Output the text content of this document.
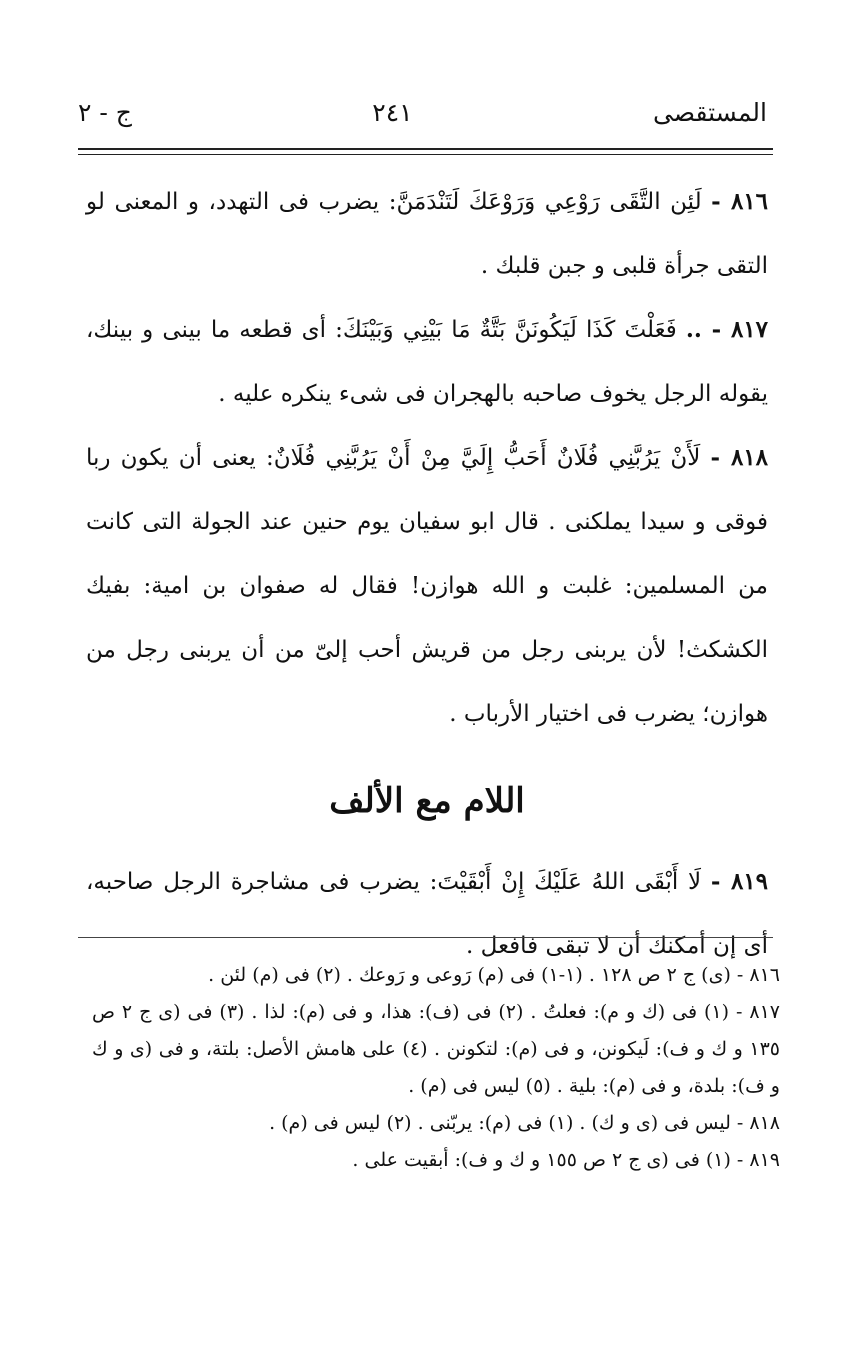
المستقصى
٢٤١
ج - ٢

٨١٦ - لَئِن التَّقَى رَوْعِي وَرَوْعَكَ لَتَنْدَمَنَّ: يضرب فى التهدد، و المعنى لو التقى جرأة قلبى و جبن قلبك .

٨١٧ - .. فَعَلْتَ كَذَا لَيَكُونَنَّ بَتَّةٌ مَا بَيْنِي وَبَيْنَكَ: أى قطعه ما بينى و بينك، يقوله الرجل يخوف صاحبه بالهجران فى شىء ينكره عليه .

٨١٨ - لَأَنْ يَرُبَّنِي فُلَانٌ أَحَبُّ إِلَيَّ مِنْ أَنْ يَرُبَّنِي فُلَانٌ: يعنى أن يكون ربا فوقى و سيدا يملكنى . قال ابو سفيان يوم حنين عند الجولة التى كانت من المسلمين: غلبت و الله هوازن! فقال له صفوان بن امية: بفيك الكشكث! لأن يربنى رجل من قريش أحب إلىّ من أن يربنى رجل من هوازن؛ يضرب فى اختيار الأرباب .

اللام مع الألف

٨١٩ - لَا أَبْقَى اللهُ عَلَيْكَ إِنْ أَبْقَيْتَ: يضرب فى مشاجرة الرجل صاحبه، أى إن أمكنك أن لا تبقى فافعل .

٨١٦ - (ى) ج ٢ ص ١٢٨ . (١-١) فى (م) رَوعى و رَوعك . (٢) فى (م) لئن .

٨١٧ - (١) فى (ك و م): فعلتُ . (٢) فى (ف): هذا، و فى (م): لذا . (٣) فى (ى ج ٢ ص ١٣٥ و ك و ف): لَيكونن، و فى (م): لتكونن . (٤) على هامش الأصل: بلتة، و فى (ى و ك و ف): بلدة، و فى (م): بلية . (٥) ليس فى (م) .

٨١٨ - ليس فى (ى و ك) . (١) فى (م): يربّنى . (٢) ليس فى (م) .

٨١٩ - (١) فى (ى ج ٢ ص ١٥٥ و ك و ف): أبقيت على .
